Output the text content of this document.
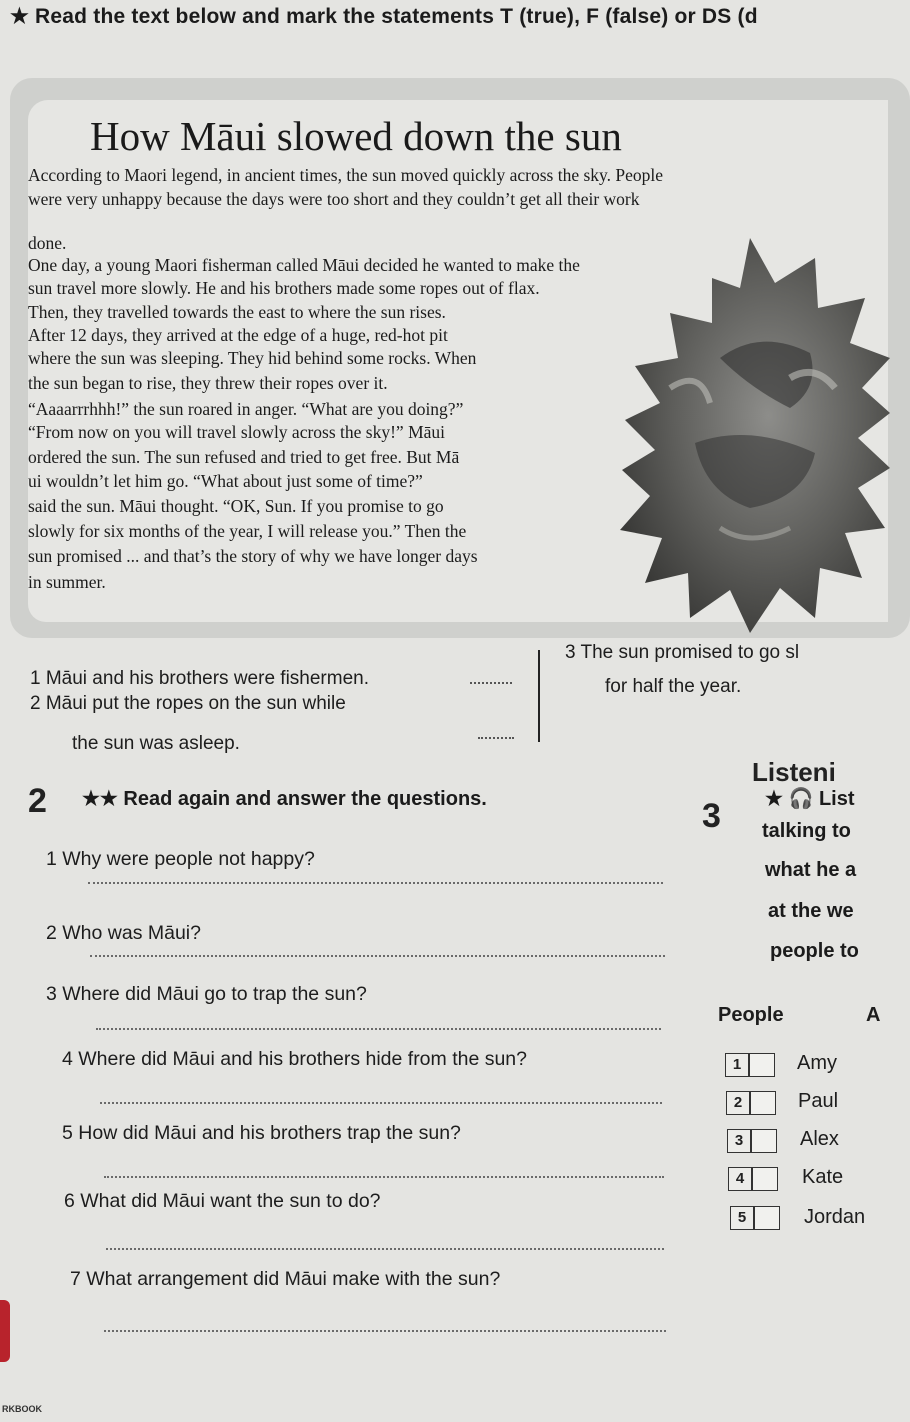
★ Read the text below and mark the statements T (true), F (false) or DS (d
How Māui slowed down the sun
According to Maori legend, in ancient times, the sun moved quickly across the sky. People
were very unhappy because the days were too short and they couldn’t get all their work
done.
One day, a young Maori fisherman called Māui decided he wanted to make the
sun travel more slowly. He and his brothers made some ropes out of flax.
Then, they travelled towards the east to where the sun rises.
After 12 days, they arrived at the edge of a huge, red-hot pit
where the sun was sleeping. They hid behind some rocks. When
the sun began to rise, they threw their ropes over it.
“Aaaarrrhhh!” the sun roared in anger. “What are you doing?”
“From now on you will travel slowly across the sky!” Māui
ordered the sun. The sun refused and tried to get free. But Mā
ui wouldn’t let him go. “What about just some of time?”
said the sun. Māui thought. “OK, Sun. If you promise to go
slowly for six months of the year, I will release you.” Then the
sun promised ... and that’s the story of why we have longer days
in summer.
1 Māui and his brothers were fishermen.
2 Māui put the ropes on the sun while
the sun was asleep.
3 The sun promised to go sl
for half the year.
2 ★★ Read again and answer the questions.
1 Why were people not happy?
2 Who was Māui?
3 Where did Māui go to trap the sun?
4 Where did Māui and his brothers hide from the sun?
5 How did Māui and his brothers trap the sun?
6 What did Māui want the sun to do?
7 What arrangement did Māui make with the sun?
Listeni
3 ★ 🎧 List
talking to
what he a
at the we
people to
People	A
1	Amy
2	Paul
3	Alex
4	Kate
5	Jordan
RKBOOK
